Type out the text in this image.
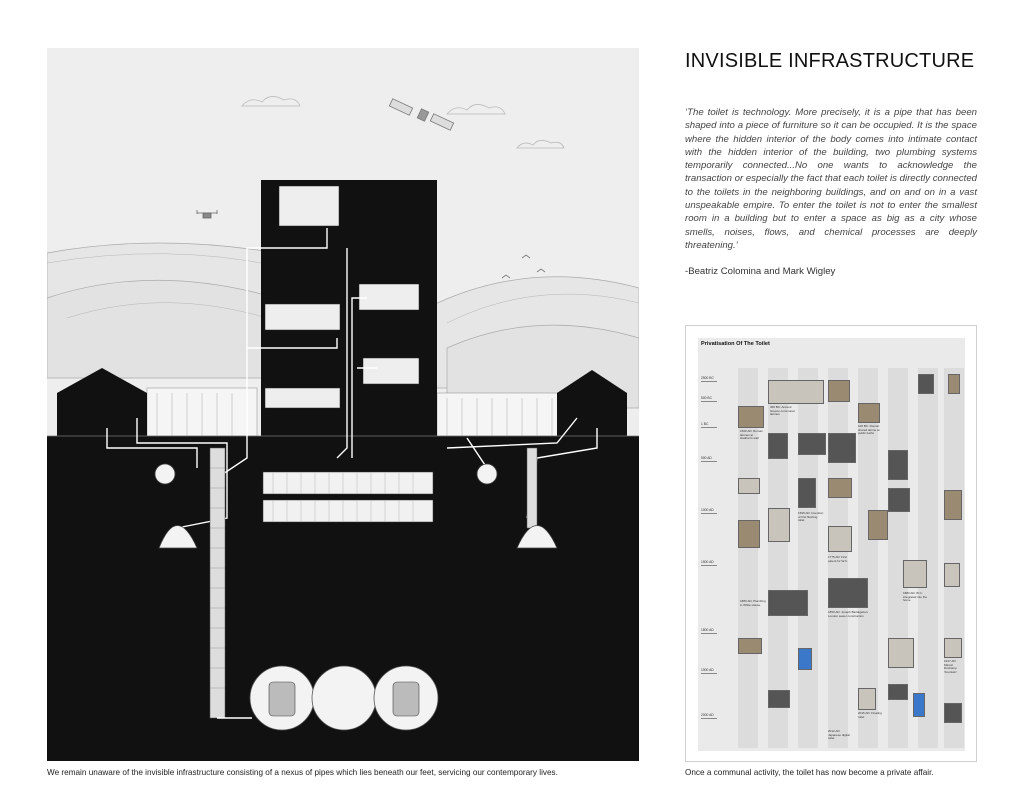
We remain unaware of the invisible infrastructure consisting of a nexus of pipes which lies beneath our feet, servicing our contemporary lives.
INVISIBLE INFRASTRUCTURE

‘The toilet is technology. More precisely, it is a pipe that has been shaped into a piece of furniture so it can be occupied. It is the space where the hidden interior of the body comes into intimate contact with the hidden interior of the building, two plumbing systems temporarily connected...No one wants to acknowledge the transaction or especially the fact that each toilet is directly connected to the toilets in the neighboring buildings, and on and on in a vast unspeakable empire. To enter the toilet is not to enter the smallest room in a building but to enter a space as big as a city whose smells, noises, flows, and chemical processes are deeply threatening.’

-Beatriz Colomina and Mark Wigley
Privatisation Of The Toilet
2500 BC
500 BC
1 BC
500 AD
1000 AD
1500 AD
1800 AD
1900 AD
2000 AD
1500 AD: Roman latrines at Hadrian's wall
300 BC: Ancient Greece communal latrines
100 BC: Roman shared latrine at public baths
1596 AD: Invention of first flushing toilet
1775 AD: First patent for W.C.
1880 AD: Plumbing in White House
1850 AD: Joseph Bazalgette's London sewer construction
1883 AD: W.C. integrated into the home
1917 AD: Marcel Duchamp 'Fountain'
2015 AD: Floating toilet
2012 AD: Japanese digital toilet
Once a communal activity, the toilet has now become a private affair.
